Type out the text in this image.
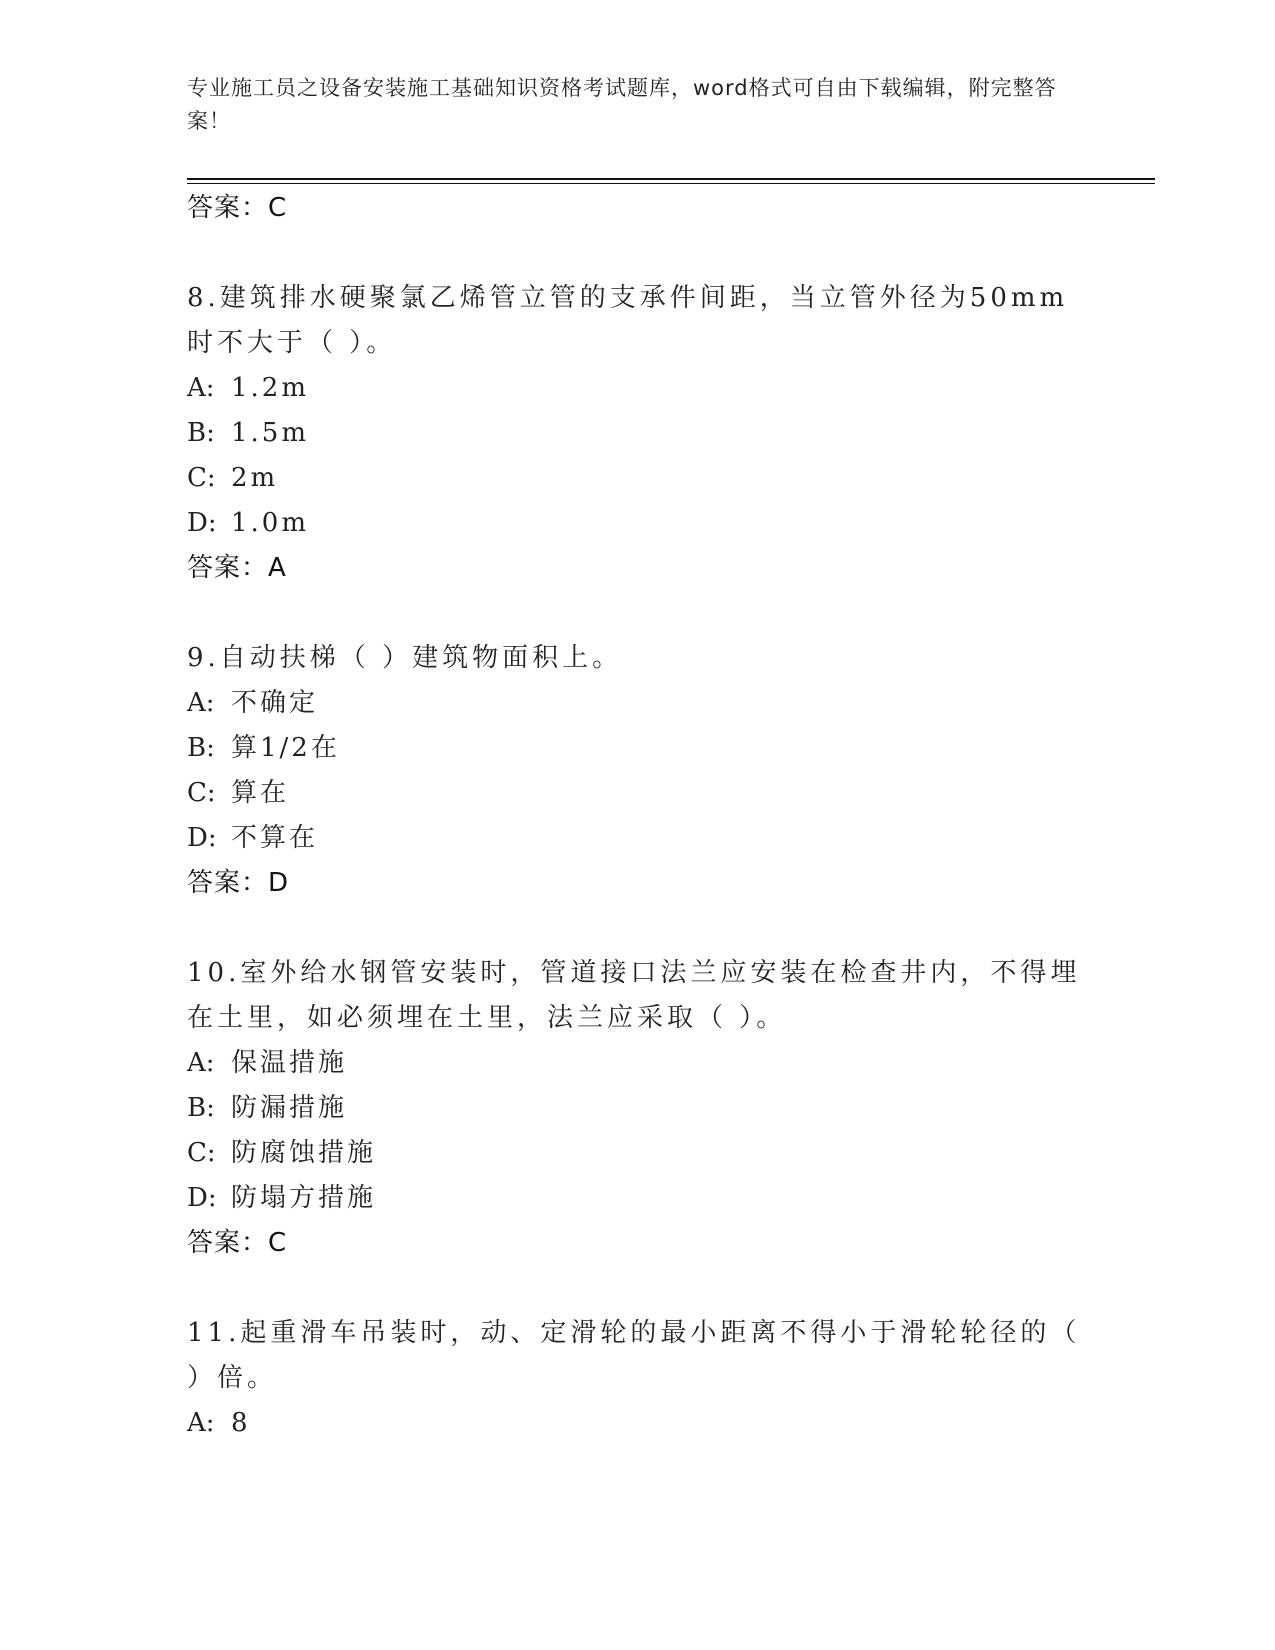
专业施工员之设备安装施工基础知识资格考试题库，word格式可自由下载编辑，附完整答案！
答案：C
8.建筑排水硬聚氯乙烯管立管的支承件间距，当立管外径为50mm时不大于（ ）。
A: 1.2m
B: 1.5m
C: 2m
D: 1.0m
答案：A
9.自动扶梯（ ）建筑物面积上。
A: 不确定
B: 算1/2在
C: 算在
D: 不算在
答案：D
10.室外给水钢管安装时，管道接口法兰应安装在检查井内，不得埋在土里，如必须埋在土里，法兰应采取（ ）。
A: 保温措施
B: 防漏措施
C: 防腐蚀措施
D: 防塌方措施
答案：C
11.起重滑车吊装时，动、定滑轮的最小距离不得小于滑轮轮径的（ ）倍。
A: 8
